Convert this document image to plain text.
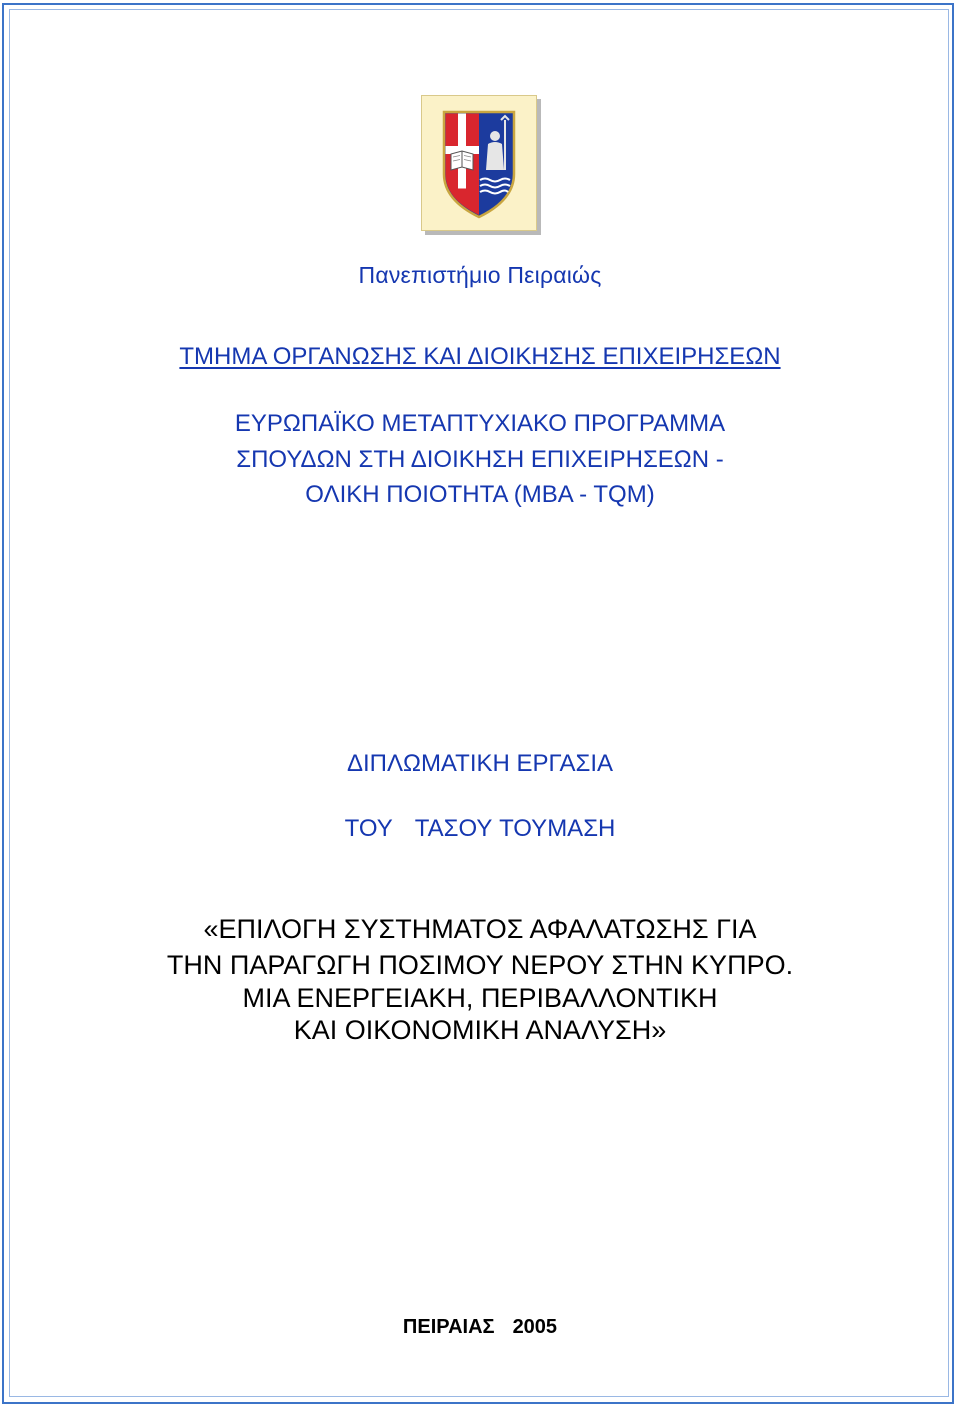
Πανεπιστήμιο Πειραιώς

ΤΜΗΜΑ ΟΡΓΑΝΩΣΗΣ ΚΑΙ ΔΙΟΙΚΗΣΗΣ ΕΠΙΧΕΙΡΗΣΕΩΝ

ΕΥΡΩΠΑΪΚΟ ΜΕΤΑΠΤΥΧΙΑΚΟ ΠΡΟΓΡΑΜΜΑ

ΣΠΟΥΔΩΝ ΣΤΗ ΔΙΟΙΚΗΣΗ ΕΠΙΧΕΙΡΗΣΕΩΝ -

ΟΛΙΚΗ ΠΟΙΟΤΗΤΑ (MBA - TQM)

ΔΙΠΛΩΜΑΤΙΚΗ ΕΡΓΑΣΙΑ

ΤΟΥ ΤΑΣΟΥ ΤΟΥΜΑΣΗ

«ΕΠΙΛΟΓΗ ΣΥΣΤΗΜΑΤΟΣ ΑΦΑΛΑΤΩΣΗΣ ΓΙΑ

ΤΗΝ ΠΑΡΑΓΩΓΗ ΠΟΣΙΜΟΥ ΝΕΡΟΥ ΣΤΗΝ ΚΥΠΡΟ.

ΜΙΑ ΕΝΕΡΓΕΙΑΚΗ, ΠΕΡΙΒΑΛΛΟΝΤΙΚΗ

ΚΑΙ ΟΙΚΟΝΟΜΙΚΗ ΑΝΑΛΥΣΗ»

ΠΕΙΡΑΙΑΣ 2005
